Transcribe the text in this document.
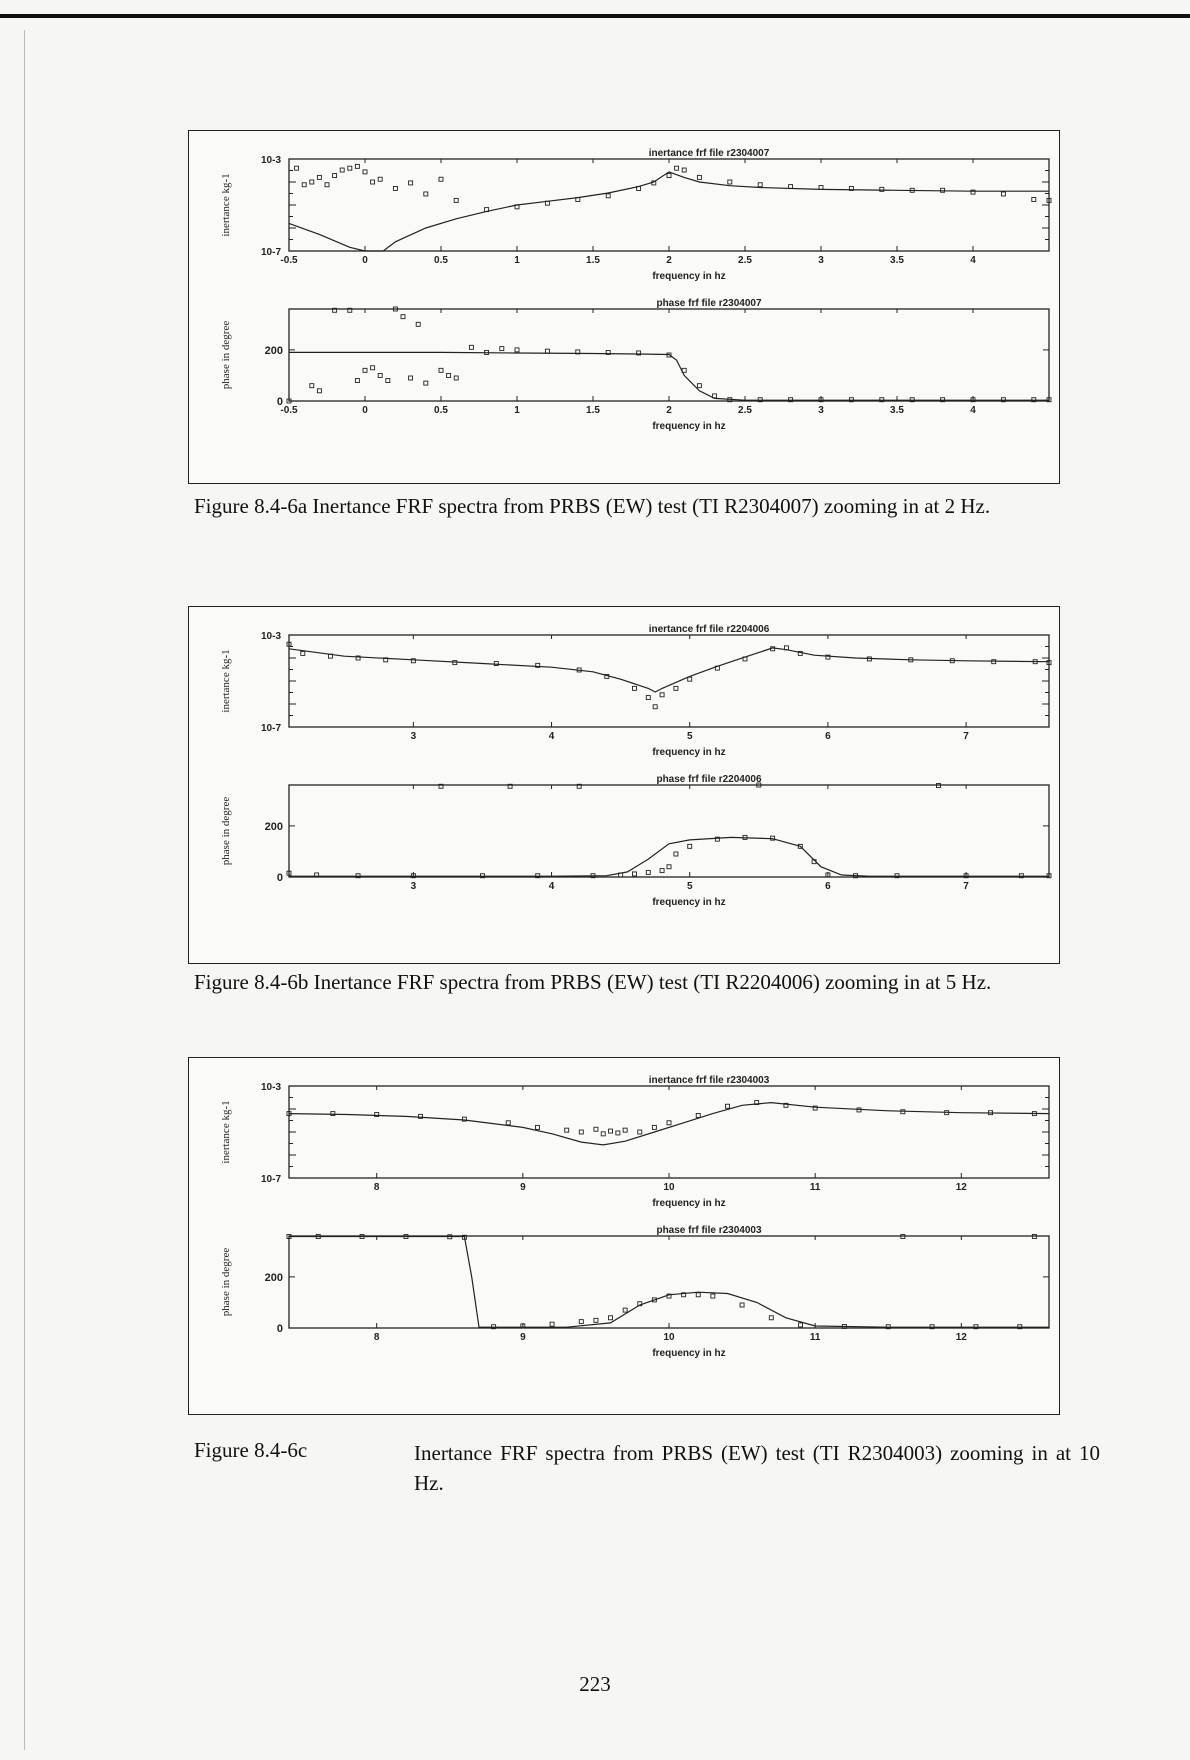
inertance frf file r2304007
-0.5	0	0.5	1	1.5	2	2.5	3	3.5	4
frequency in hz
10-3
10-7
inertance kg-1
phase frf file r2304007
-0.5	0	0.5	1	1.5	2	2.5	3	3.5	4
frequency in hz
200
0
phase in degree
Figure 8.4-6a Inertance FRF spectra from PRBS (EW) test (TI R2304007) zooming in at 2 Hz.
inertance frf file r2204006
3	4	5	6	7
frequency in hz
10-3
10-7
inertance kg-1
phase frf file r2204006
3	4	5	6	7
frequency in hz
200
0
phase in degree
Figure 8.4-6b Inertance FRF spectra from PRBS (EW) test (TI R2204006) zooming in at 5 Hz.
inertance frf file r2304003
8	9	10	11	12
frequency in hz
10-3
10-7
inertance kg-1
phase frf file r2304003
8	9	10	11	12
frequency in hz
200
0
phase in degree
Figure 8.4-6c	Inertance FRF spectra from PRBS (EW) test (TI R2304003) zooming in at 10 Hz.
223
